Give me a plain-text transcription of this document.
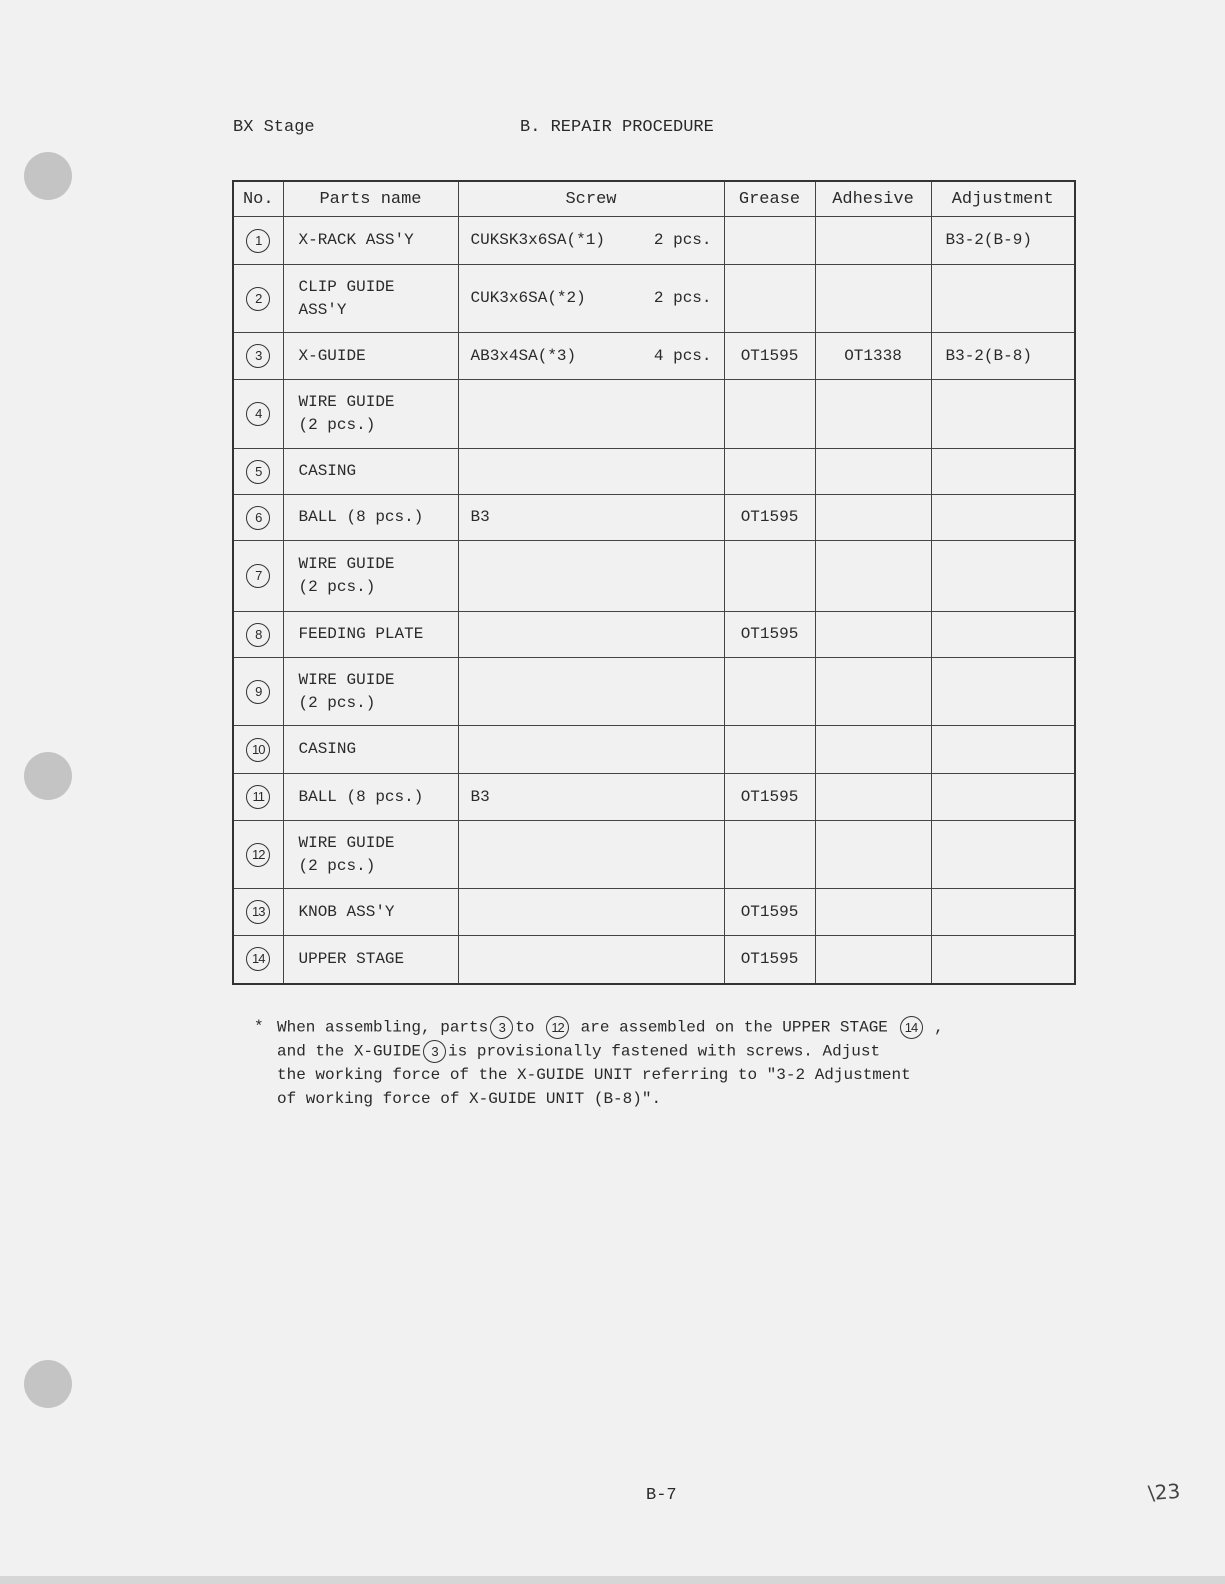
BX Stage	B. REPAIR PROCEDURE
No.	Parts name	Screw	Grease	Adhesive	Adjustment
1	X-RACK ASS'Y	CUKSK3x6SA(*1) 2 pcs.			B3-2(B-9)
2	CLIP GUIDE
ASS'Y	CUK3x6SA(*2) 2 pcs.			

3	X-GUIDE	AB3x4SA(*3) 4 pcs.	OT1595	OT1338	B3-2(B-8)
4	WIRE GUIDE
(2 pcs.)	

5	CASING	

6	BALL (8 pcs.)	B3	OT1595		
7	WIRE GUIDE
(2 pcs.)	

8	FEEDING PLATE		OT1595		
9	WIRE GUIDE
(2 pcs.)	

10	CASING	

11	BALL (8 pcs.)	B3	OT1595		
12	WIRE GUIDE
(2 pcs.)	

13	KNOB ASS'Y		OT1595		
14	UPPER STAGE		OT1595		
* When assembling, parts 3 to 12 are assembled on the UPPER STAGE 14 ,
and the X-GUIDE 3 is provisionally fastened with screws. Adjust
the working force of the X-GUIDE UNIT referring to "3-2 Adjustment
of working force of X-GUIDE UNIT (B-8)".
B-7	\23
